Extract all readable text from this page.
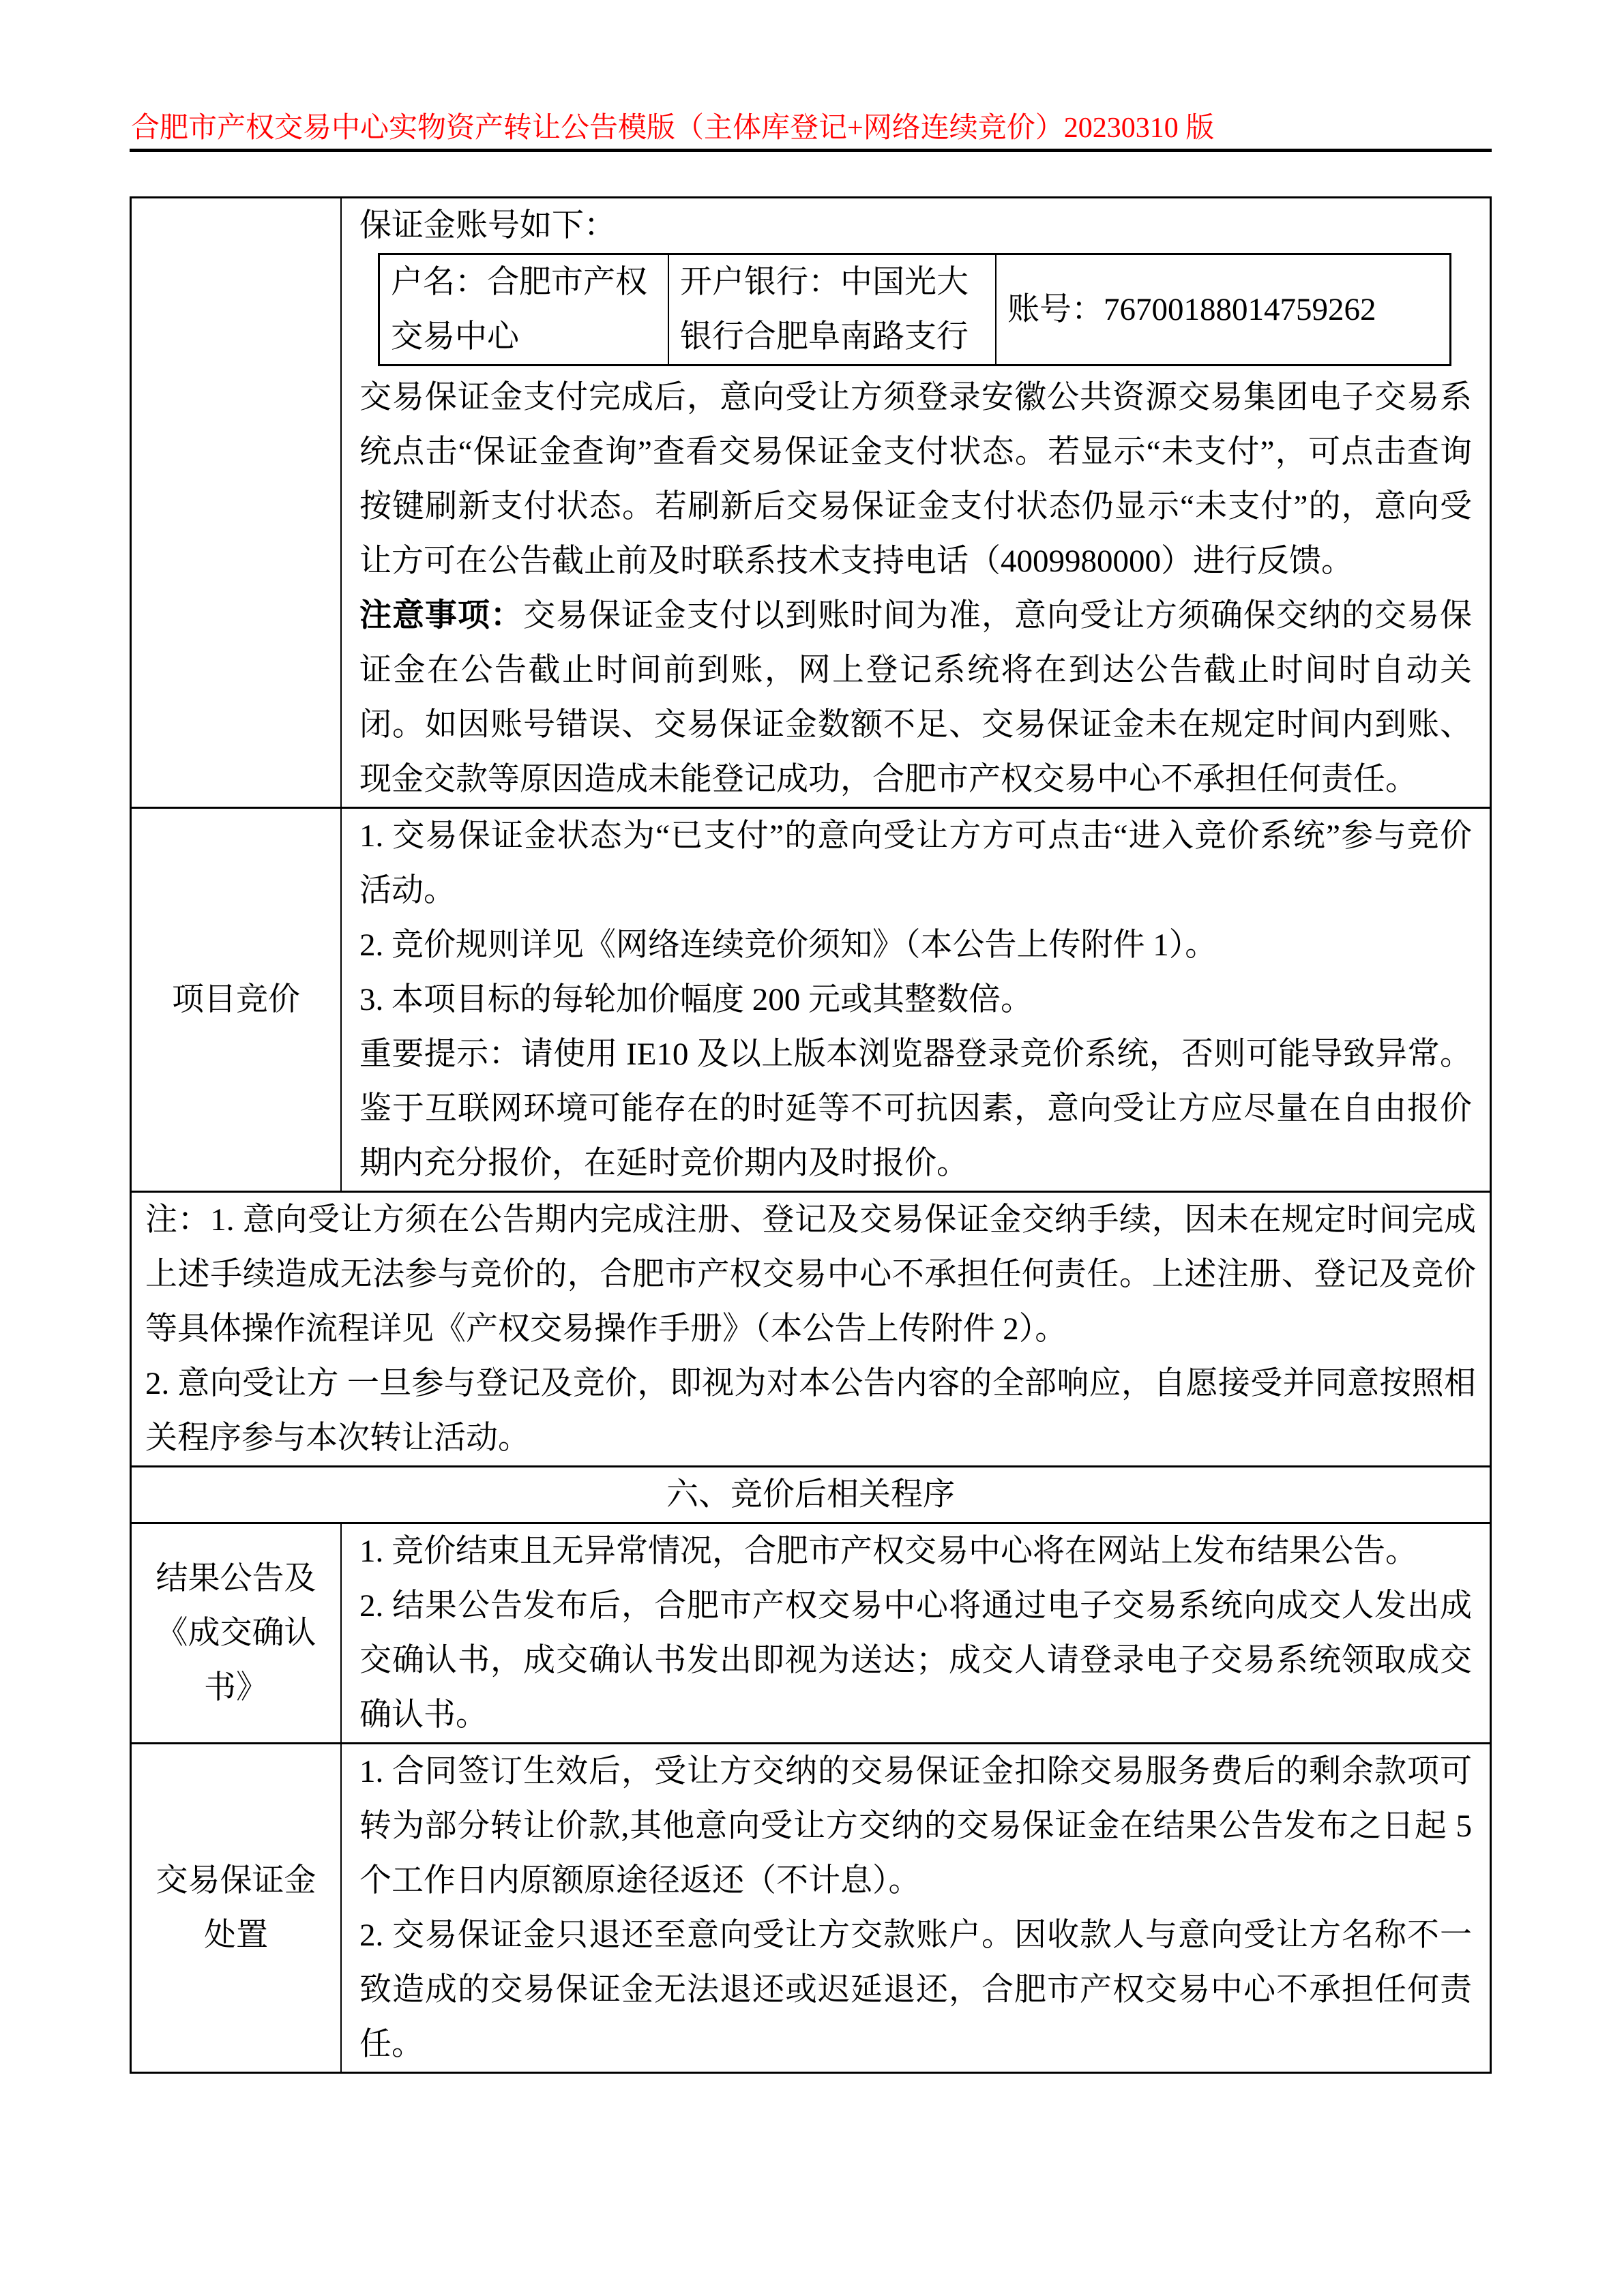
合肥市产权交易中心实物资产转让公告模版（主体库登记+网络连续竞价）20230310 版

保证金账号如下：

户名：合肥市产权交易中心

开户银行：中国光大银行合肥阜南路支行

账号：76700188014759262

交易保证金支付完成后，意向受让方须登录安徽公共资源交易集团电子交易系统点击“保证金查询”查看交易保证金支付状态。若显示“未支付”，可点击查询按键刷新支付状态。若刷新后交易保证金支付状态仍显示“未支付”的，意向受让方可在公告截止前及时联系技术支持电话（4009980000）进行反馈。

注意事项：交易保证金支付以到账时间为准，意向受让方须确保交纳的交易保证金在公告截止时间前到账，网上登记系统将在到达公告截止时间时自动关闭。如因账号错误、交易保证金数额不足、交易保证金未在规定时间内到账、现金交款等原因造成未能登记成功，合肥市产权交易中心不承担任何责任。

项目竞价

1. 交易保证金状态为“已支付”的意向受让方方可点击“进入竞价系统”参与竞价活动。

2. 竞价规则详见《网络连续竞价须知》（本公告上传附件 1）。

3. 本项目标的每轮加价幅度 200 元或其整数倍。

重要提示：请使用 IE10 及以上版本浏览器登录竞价系统，否则可能导致异常。鉴于互联网环境可能存在的时延等不可抗因素，意向受让方应尽量在自由报价期内充分报价，在延时竞价期内及时报价。

注：1. 意向受让方须在公告期内完成注册、登记及交易保证金交纳手续，因未在规定时间完成上述手续造成无法参与竞价的，合肥市产权交易中心不承担任何责任。上述注册、登记及竞价等具体操作流程详见《产权交易操作手册》（本公告上传附件 2）。

2. 意向受让方 一旦参与登记及竞价，即视为对本公告内容的全部响应，自愿接受并同意按照相关程序参与本次转让活动。

六、竞价后相关程序
结果公告及《成交确认书》

1. 竞价结束且无异常情况，合肥市产权交易中心将在网站上发布结果公告。

2. 结果公告发布后，合肥市产权交易中心将通过电子交易系统向成交人发出成交确认书，成交确认书发出即视为送达；成交人请登录电子交易系统领取成交确认书。

交易保证金处置

1. 合同签订生效后，受让方交纳的交易保证金扣除交易服务费后的剩余款项可转为部分转让价款,其他意向受让方交纳的交易保证金在结果公告发布之日起 5 个工作日内原额原途径返还（不计息）。

2. 交易保证金只退还至意向受让方交款账户。因收款人与意向受让方名称不一致造成的交易保证金无法退还或迟延退还，合肥市产权交易中心不承担任何责任。
